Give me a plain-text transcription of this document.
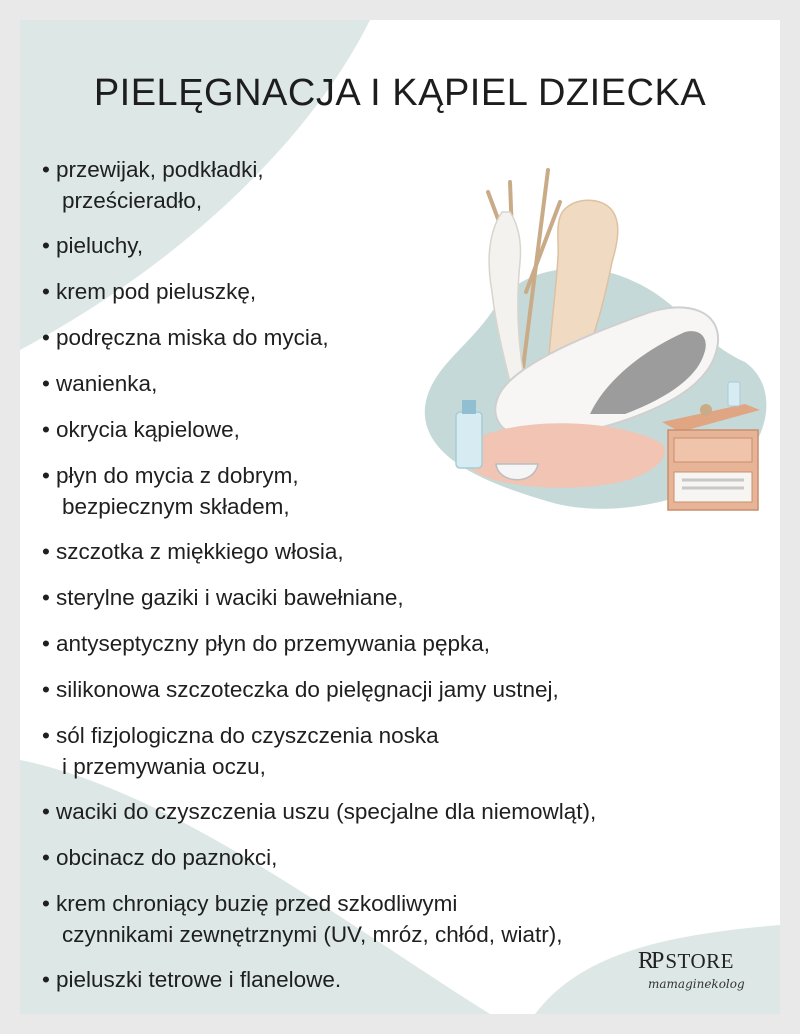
PIELĘGNACJA I KĄPIEL DZIECKA
• przewijak, podkładki,
prześcieradło,
• pieluchy,
• krem pod pieluszkę,
• podręczna miska do mycia,
• wanienka,
• okrycia kąpielowe,
• płyn do mycia z dobrym,
bezpiecznym składem,
• szczotka z miękkiego włosia,
• sterylne gaziki i waciki bawełniane,
• antyseptyczny płyn do przemywania pępka,
• silikonowa szczoteczka do pielęgnacji jamy ustnej,
• sól fizjologiczna do czyszczenia noska
i przemywania oczu,
• waciki do czyszczenia uszu (specjalne dla niemowląt),
• obcinacz do paznokci,
• krem chroniący buzię przed szkodliwymi
czynnikami zewnętrznymi (UV, mróz, chłód, wiatr),
• pieluszki tetrowe i flanelowe.
RP STORE
mamaginekolog
